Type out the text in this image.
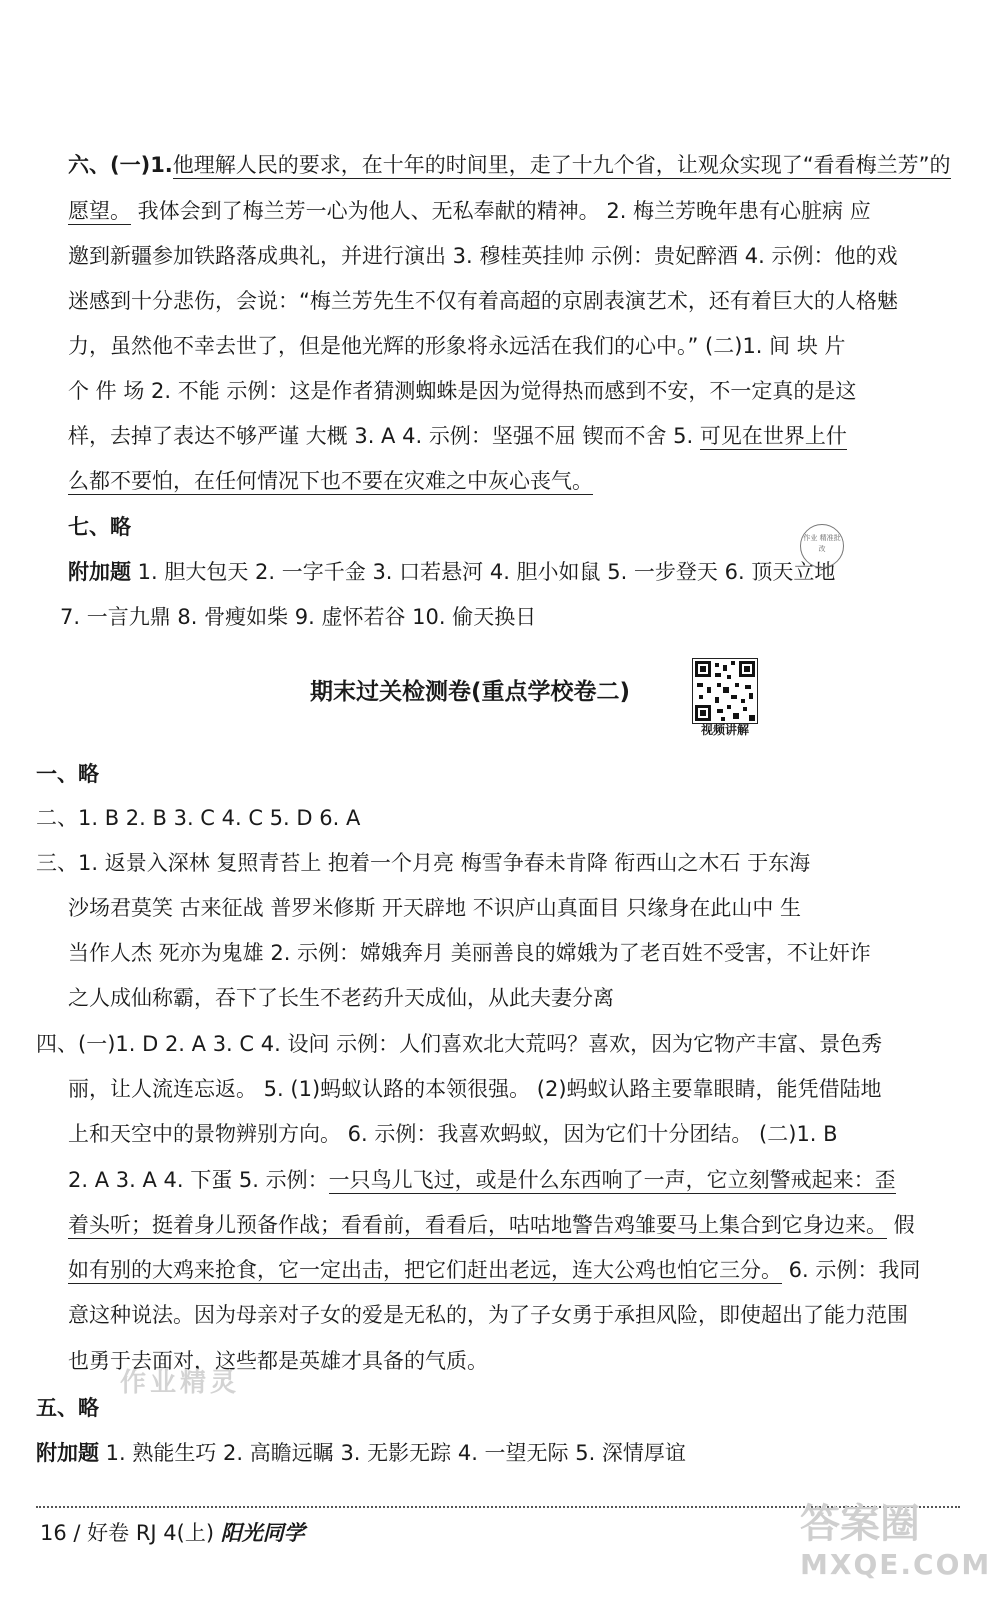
六、(一)1.他理解人民的要求，在十年的时间里，走了十九个省，让观众实现了“看看梅兰芳”的
愿望。 我体会到了梅兰芳一心为他人、无私奉献的精神。 2. 梅兰芳晚年患有心脏病 应
邀到新疆参加铁路落成典礼，并进行演出 3. 穆桂英挂帅 示例：贵妃醉酒 4. 示例：他的戏
迷感到十分悲伤，会说：“梅兰芳先生不仅有着高超的京剧表演艺术，还有着巨大的人格魅
力，虽然他不幸去世了，但是他光辉的形象将永远活在我们的心中。” (二)1. 间 块 片
个 件 场 2. 不能 示例：这是作者猜测蜘蛛是因为觉得热而感到不安，不一定真的是这
样，去掉了表达不够严谨 大概 3. A 4. 示例：坚强不屈 锲而不舍 5. 可见在世界上什
么都不要怕，在任何情况下也不要在灾难之中灰心丧气。
七、略
附加题 1. 胆大包天 2. 一字千金 3. 口若悬河 4. 胆小如鼠 5. 一步登天 6. 顶天立地
7. 一言九鼎 8. 骨瘦如柴 9. 虚怀若谷 10. 偷天换日
作业 精准批改
期末过关检测卷(重点学校卷二)
视频讲解
一、略
二、1. B 2. B 3. C 4. C 5. D 6. A
三、1. 返景入深林 复照青苔上 抱着一个月亮 梅雪争春未肯降 衔西山之木石 于东海
沙场君莫笑 古来征战 普罗米修斯 开天辟地 不识庐山真面目 只缘身在此山中 生
当作人杰 死亦为鬼雄 2. 示例：嫦娥奔月 美丽善良的嫦娥为了老百姓不受害，不让奸诈
之人成仙称霸，吞下了长生不老药升天成仙，从此夫妻分离
四、(一)1. D 2. A 3. C 4. 设问 示例：人们喜欢北大荒吗？喜欢，因为它物产丰富、景色秀
丽，让人流连忘返。 5. (1)蚂蚁认路的本领很强。 (2)蚂蚁认路主要靠眼睛，能凭借陆地
上和天空中的景物辨别方向。 6. 示例：我喜欢蚂蚁，因为它们十分团结。 (二)1. B
2. A 3. A 4. 下蛋 5. 示例：一只鸟儿飞过，或是什么东西响了一声，它立刻警戒起来：歪
着头听；挺着身儿预备作战；看看前，看看后，咕咕地警告鸡雏要马上集合到它身边来。 假
如有别的大鸡来抢食，它一定出击，把它们赶出老远，连大公鸡也怕它三分。 6. 示例：我同
意这种说法。因为母亲对子女的爱是无私的，为了子女勇于承担风险，即使超出了能力范围
也勇于去面对，这些都是英雄才具备的气质。
作业精灵
五、略
附加题 1. 熟能生巧 2. 高瞻远瞩 3. 无影无踪 4. 一望无际 5. 深情厚谊
16 / 好卷 RJ 4(上) 阳光同学	答案圈
MXQE.COM
